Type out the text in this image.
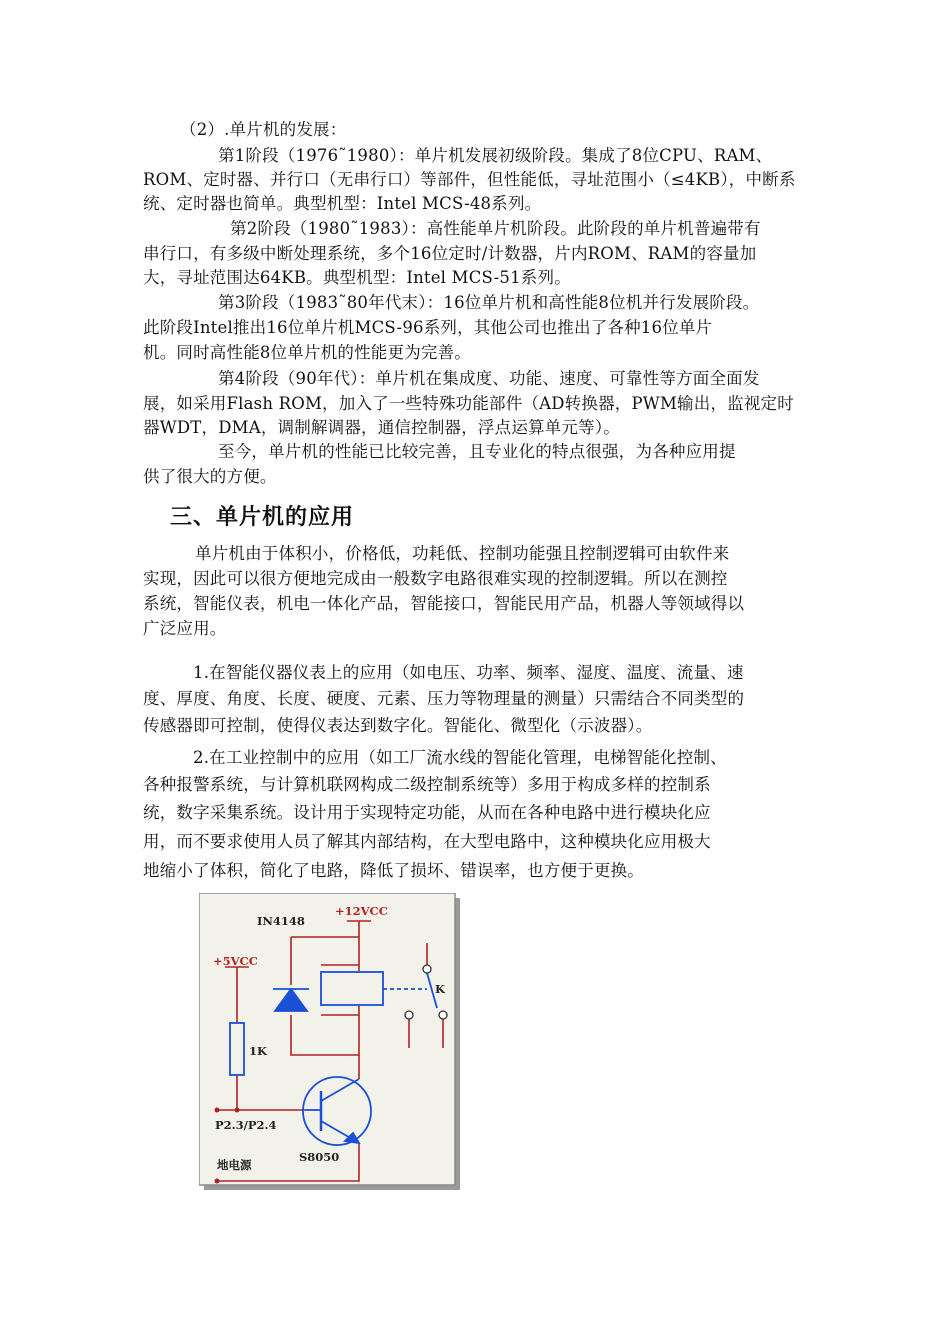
（2）.单片机的发展：
第1阶段（1976˜1980）：单片机发展初级阶段。集成了8位CPU、RAM、
ROM、定时器、并行口（无串行口）等部件，但性能低，寻址范围小（≤4KB），中断系
统、定时器也简单。典型机型：Intel MCS-48系列。
第2阶段（1980˜1983）：高性能单片机阶段。此阶段的单片机普遍带有
串行口，有多级中断处理系统，多个16位定时/计数器，片内ROM、RAM的容量加
大，寻址范围达64KB。典型机型：Intel MCS-51系列。
第3阶段（1983˜80年代末）：16位单片机和高性能8位机并行发展阶段。
此阶段Intel推出16位单片机MCS-96系列，其他公司也推出了各种16位单片
机。同时高性能8位单片机的性能更为完善。
第4阶段（90年代）：单片机在集成度、功能、速度、可靠性等方面全面发
展，如采用Flash ROM，加入了一些特殊功能部件（AD转换器，PWM输出，监视定时
器WDT，DMA，调制解调器，通信控制器，浮点运算单元等）。
至今，单片机的性能已比较完善，且专业化的特点很强，为各种应用提
供了很大的方便。
三、单片机的应用
单片机由于体积小，价格低，功耗低、控制功能强且控制逻辑可由软件来
实现，因此可以很方便地完成由一般数字电路很难实现的控制逻辑。所以在测控
系统，智能仪表，机电一体化产品，智能接口，智能民用产品，机器人等领域得以
广泛应用。
1.在智能仪器仪表上的应用（如电压、功率、频率、湿度、温度、流量、速
度、厚度、角度、长度、硬度、元素、压力等物理量的测量）只需结合不同类型的
传感器即可控制，使得仪表达到数字化。智能化、微型化（示波器）。
2.在工业控制中的应用（如工厂流水线的智能化管理，电梯智能化控制、
各种报警系统，与计算机联网构成二级控制系统等）多用于构成多样的控制系
统，数字采集系统。设计用于实现特定功能，从而在各种电路中进行模块化应
用，而不要求使用人员了解其内部结构，在大型电路中，这种模块化应用极大
地缩小了体积，简化了电路，降低了损坏、错误率，也方便于更换。
IN4148
+12VCC
+5VCC
1K
K
P2.3/P2.4
S8050
地电源
